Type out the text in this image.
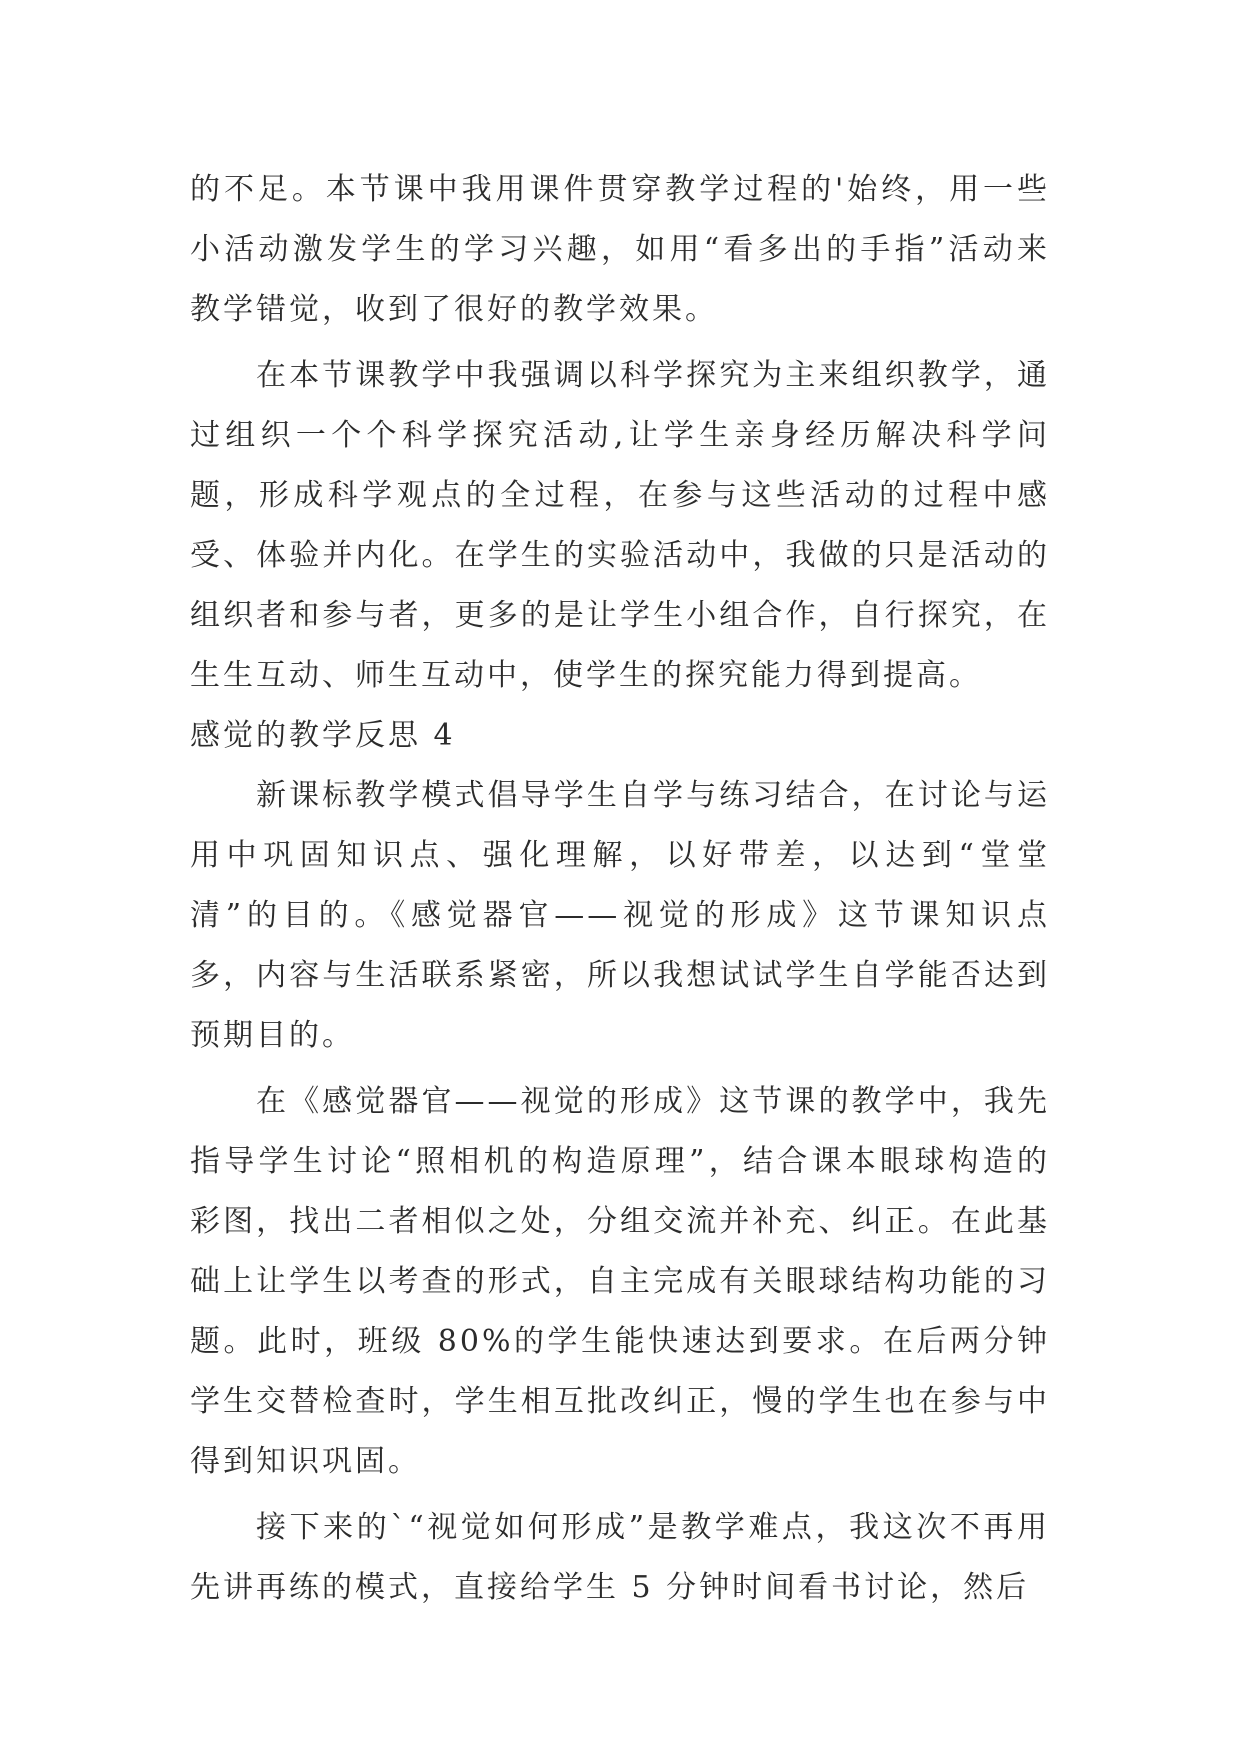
的不足。本节课中我用课件贯穿教学过程的'始终，用一些小活动激发学生的学习兴趣，如用“看多出的手指”活动来教学错觉，收到了很好的教学效果。

在本节课教学中我强调以科学探究为主来组织教学，通过组织一个个科学探究活动,让学生亲身经历解决科学问题，形成科学观点的全过程，在参与这些活动的过程中感受、体验并内化。在学生的实验活动中，我做的只是活动的组织者和参与者，更多的是让学生小组合作，自行探究，在生生互动、师生互动中，使学生的探究能力得到提高。

感觉的教学反思 4

新课标教学模式倡导学生自学与练习结合，在讨论与运用中巩固知识点、强化理解，以好带差，以达到“堂堂清”的目的。《感觉器官——视觉的形成》这节课知识点多，内容与生活联系紧密，所以我想试试学生自学能否达到预期目的。

在《感觉器官——视觉的形成》这节课的教学中，我先指导学生讨论“照相机的构造原理”，结合课本眼球构造的彩图，找出二者相似之处，分组交流并补充、纠正。在此基础上让学生以考查的形式，自主完成有关眼球结构功能的习题。此时，班级 80%的学生能快速达到要求。在后两分钟学生交替检查时，学生相互批改纠正，慢的学生也在参与中得到知识巩固。

接下来的`“视觉如何形成”是教学难点，我这次不再用先讲再练的模式，直接给学生 5 分钟时间看书讨论，然后
